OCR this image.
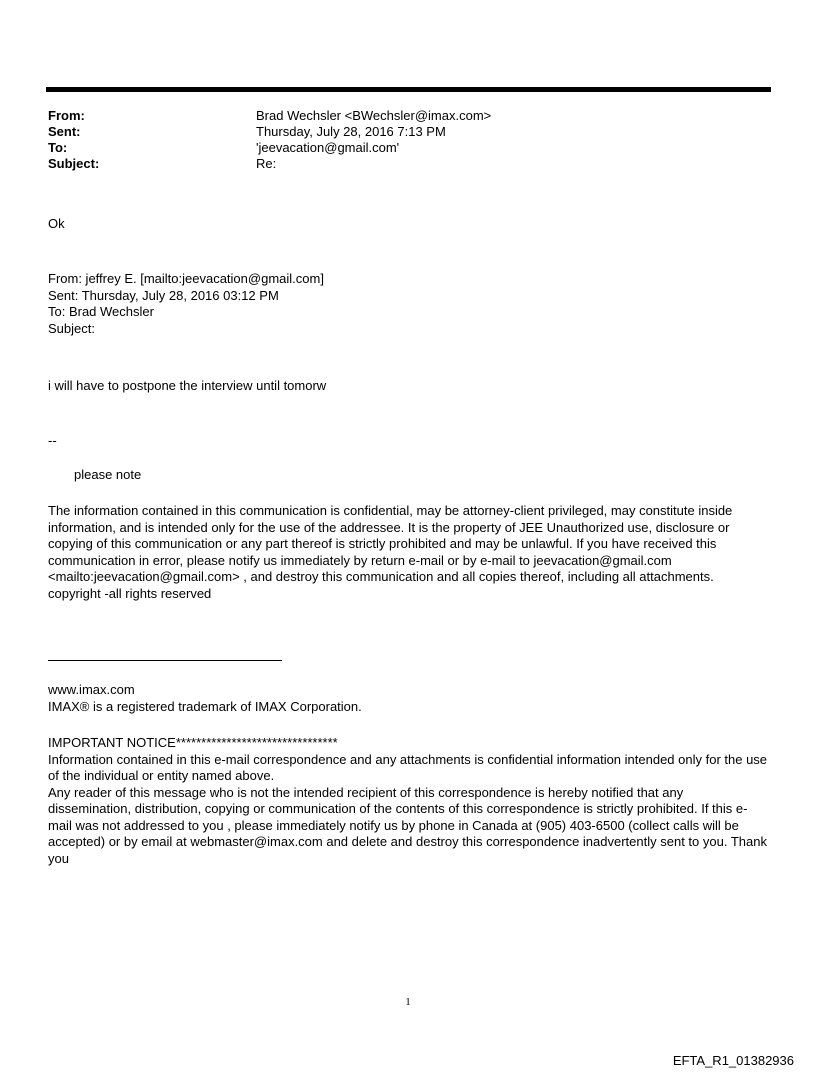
From:	Brad Wechsler <BWechsler@imax.com>
Sent:	Thursday, July 28, 2016 7:13 PM
To:	'jeevacation@gmail.com'
Subject:	Re:
Ok
From: jeffrey E. [mailto:jeevacation@gmail.com]
Sent: Thursday, July 28, 2016 03:12 PM
To: Brad Wechsler
Subject:
i will have to postpone the interview until tomorw
--
please note
The information contained in this communication is confidential, may be attorney-client privileged, may constitute inside information, and is intended only for the use of the addressee. It is the property of JEE Unauthorized use, disclosure or copying of this communication or any part thereof is strictly prohibited and may be unlawful. If you have received this communication in error, please notify us immediately by return e-mail or by e-mail to jeevacation@gmail.com <mailto:jeevacation@gmail.com> , and destroy this communication and all copies thereof, including all attachments. copyright -all rights reserved
www.imax.com
IMAX® is a registered trademark of IMAX Corporation.

IMPORTANT NOTICE********************************

Information contained in this e-mail correspondence and any attachments is confidential information intended only for the use of the individual or entity named above.

Any reader of this message who is not the intended recipient of this correspondence is hereby notified that any dissemination, distribution, copying or communication of the contents of this correspondence is strictly prohibited. If this e-mail was not addressed to you , please immediately notify us by phone in Canada at (905) 403-6500 (collect calls will be accepted) or by email at webmaster@imax.com and delete and destroy this correspondence inadvertently sent to you. Thank you

1
EFTA_R1_01382936
